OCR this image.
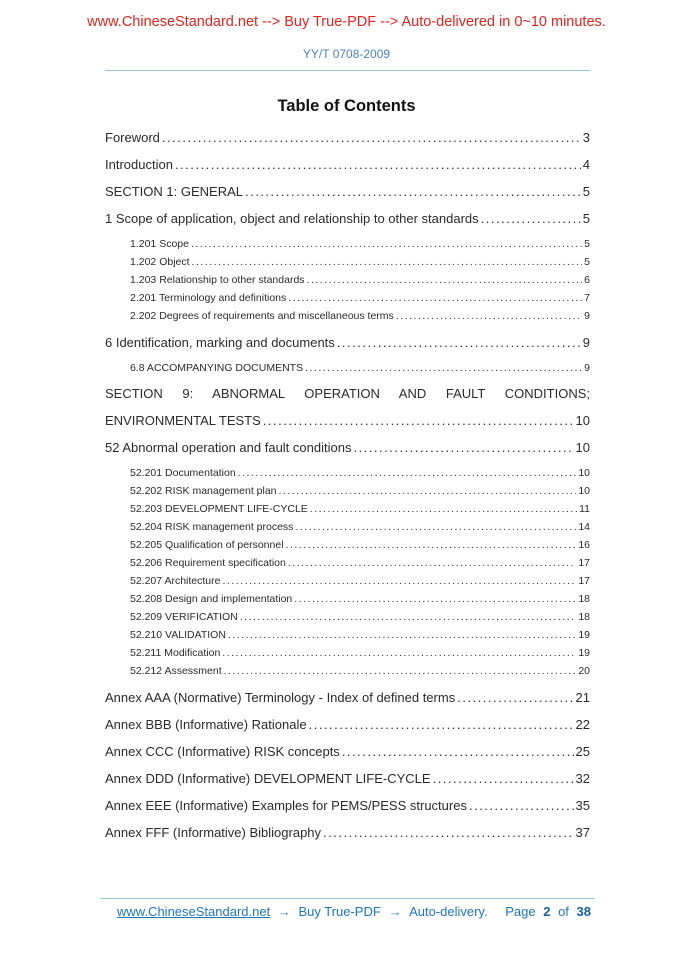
www.ChineseStandard.net --> Buy True-PDF --> Auto-delivered in 0~10 minutes.
YY/T 0708-2009
Table of Contents
Foreword .....	3
Introduction .....	4
SECTION 1: GENERAL .....	5
1 Scope of application, object and relationship to other standards .....	5
1.201 Scope .....	5
1.202 Object .....	5
1.203 Relationship to other standards .....	6
2.201 Terminology and definitions .....	7
2.202 Degrees of requirements and miscellaneous terms .....	9
6 Identification, marking and documents .....	9
6.8 ACCOMPANYING DOCUMENTS .....	9
SECTION 9: ABNORMAL OPERATION AND FAULT CONDITIONS;
ENVIRONMENTAL TESTS .....	10
52 Abnormal operation and fault conditions .....	10
52.201 Documentation .....	10
52.202 RISK management plan .....	10
52.203 DEVELOPMENT LIFE-CYCLE .....	11
52.204 RISK management process .....	14
52.205 Qualification of personnel .....	16
52.206 Requirement specification .....	17
52.207 Architecture .....	17
52.208 Design and implementation .....	18
52.209 VERIFICATION .....	18
52.210 VALIDATION .....	19
52.211 Modification .....	19
52.212 Assessment .....	20
Annex AAA (Normative) Terminology - Index of defined terms .....	21
Annex BBB (Informative) Rationale .....	22
Annex CCC (Informative) RISK concepts .....	25
Annex DDD (Informative) DEVELOPMENT LIFE-CYCLE .....	32
Annex EEE (Informative) Examples for PEMS/PESS structures .....	35
Annex FFF (Informative) Bibliography .....	37
www.ChineseStandard.net → Buy True-PDF → Auto-delivery. Page 2 of 38
